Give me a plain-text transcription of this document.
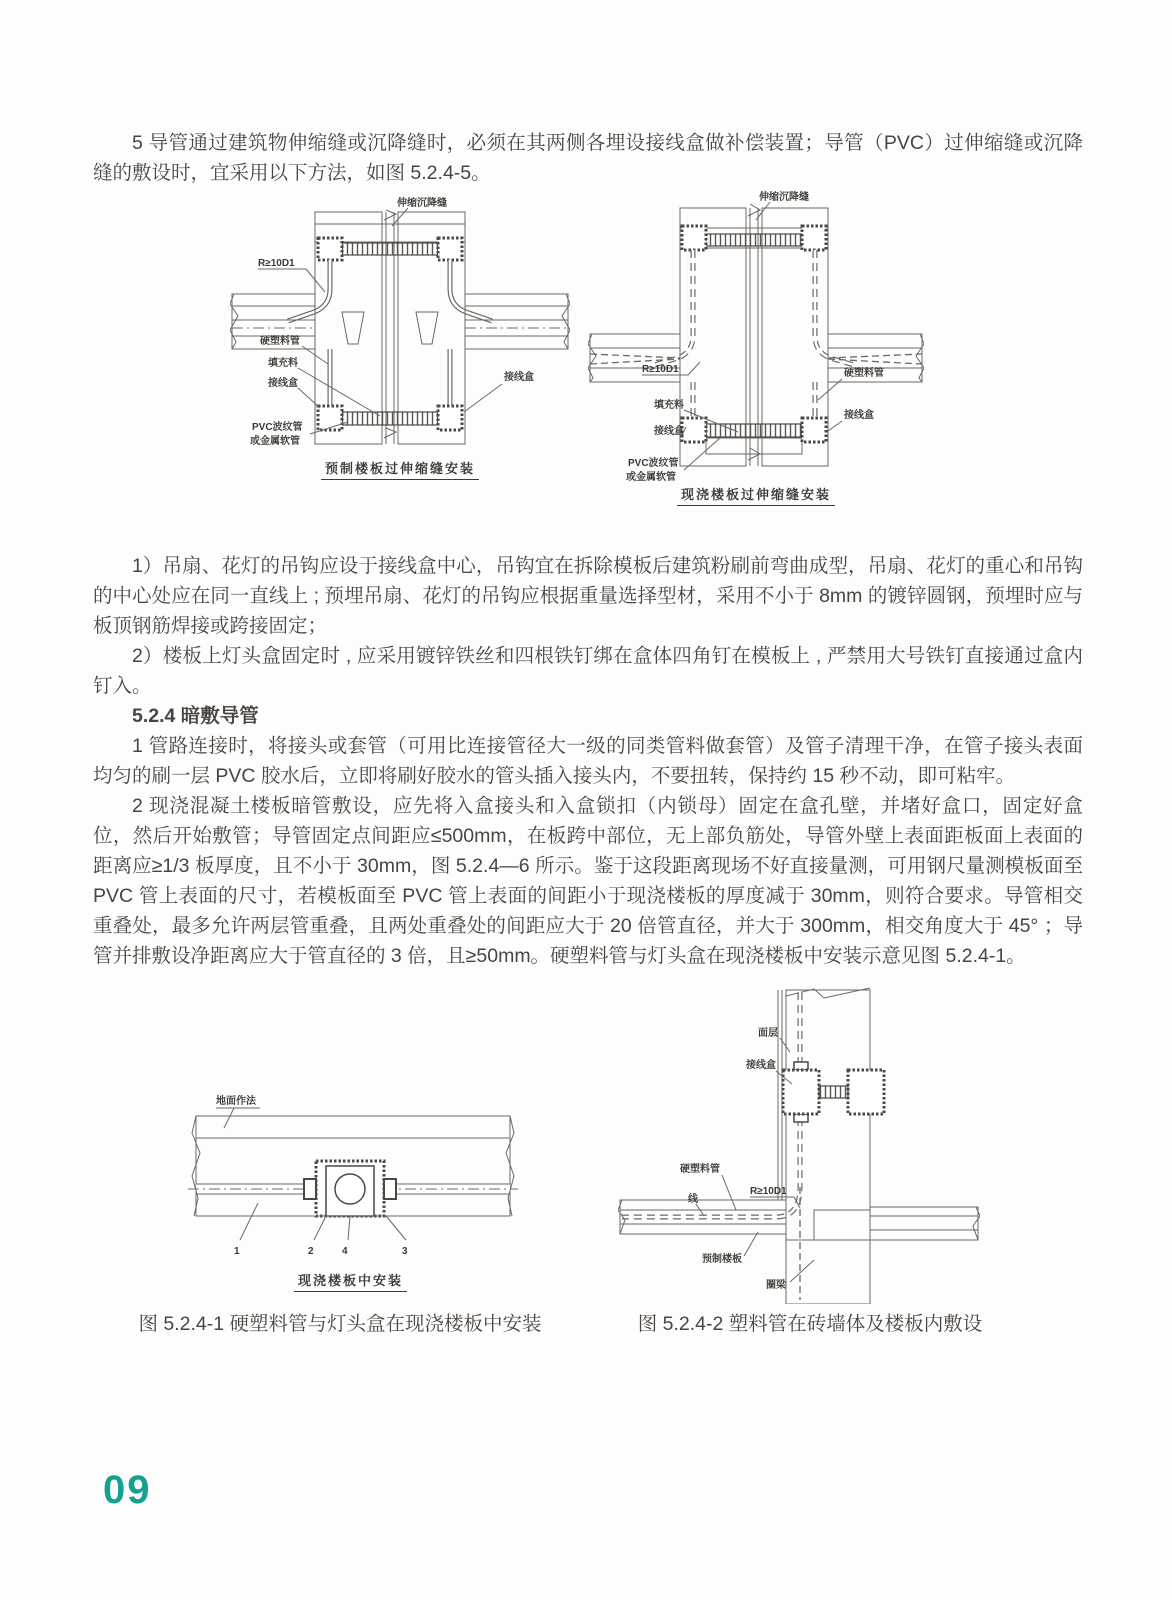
5 导管通过建筑物伸缩缝或沉降缝时，必须在其两侧各埋设接线盒做补偿装置；导管（PVC）过伸缩缝或沉降缝的敷设时，宜采用以下方法，如图 5.2.4-5。

伸缩沉降缝
R≥10D1
硬塑料管
填充料
接线盒
接线盒
PVC波纹管
或金属软管
预制楼板过伸缩缝安装
伸缩沉降缝
R≥10D1
填充料
接线盒
硬塑料管
接线盒
PVC波纹管
或金属软管
现浇楼板过伸缩缝安装

1）吊扇、花灯的吊钩应设于接线盒中心，吊钩宜在拆除模板后建筑粉刷前弯曲成型，吊扇、花灯的重心和吊钩的中心处应在同一直线上 ; 预埋吊扇、花灯的吊钩应根据重量选择型材，采用不小于 8mm 的镀锌圆钢，预埋时应与板顶钢筋焊接或跨接固定；

2）楼板上灯头盒固定时 , 应采用镀锌铁丝和四根铁钉绑在盒体四角钉在模板上 , 严禁用大号铁钉直接通过盒内钉入。

5.2.4 暗敷导管

1 管路连接时，将接头或套管（可用比连接管径大一级的同类管料做套管）及管子清理干净，在管子接头表面均匀的刷一层 PVC 胶水后，立即将刷好胶水的管头插入接头内，不要扭转，保持约 15 秒不动，即可粘牢。

2 现浇混凝土楼板暗管敷设，应先将入盒接头和入盒锁扣（内锁母）固定在盒孔壁，并堵好盒口，固定好盒位，然后开始敷管；导管固定点间距应≤500mm，在板跨中部位，无上部负筋处，导管外壁上表面距板面上表面的距离应≥1/3 板厚度，且不小于 30mm，图 5.2.4—6 所示。鉴于这段距离现场不好直接量测，可用钢尺量测模板面至 PVC 管上表面的尺寸，若模板面至 PVC 管上表面的间距小于现浇楼板的厚度减于 30mm，则符合要求。导管相交重叠处，最多允许两层管重叠，且两处重叠处的间距应大于 20 倍管直径，并大于 300mm，相交角度大于 45° ；导管并排敷设净距离应大于管直径的 3 倍，且≥50mm。硬塑料管与灯头盒在现浇楼板中安装示意见图 5.2.4-1。

地面作法
1	2	4	3
现浇楼板中安装
面层
接线盒
硬塑料管
线
R≥10D1
预制楼板
圈梁
图 5.2.4-1 硬塑料管与灯头盒在现浇楼板中安装	图 5.2.4-2 塑料管在砖墙体及楼板内敷设
09
